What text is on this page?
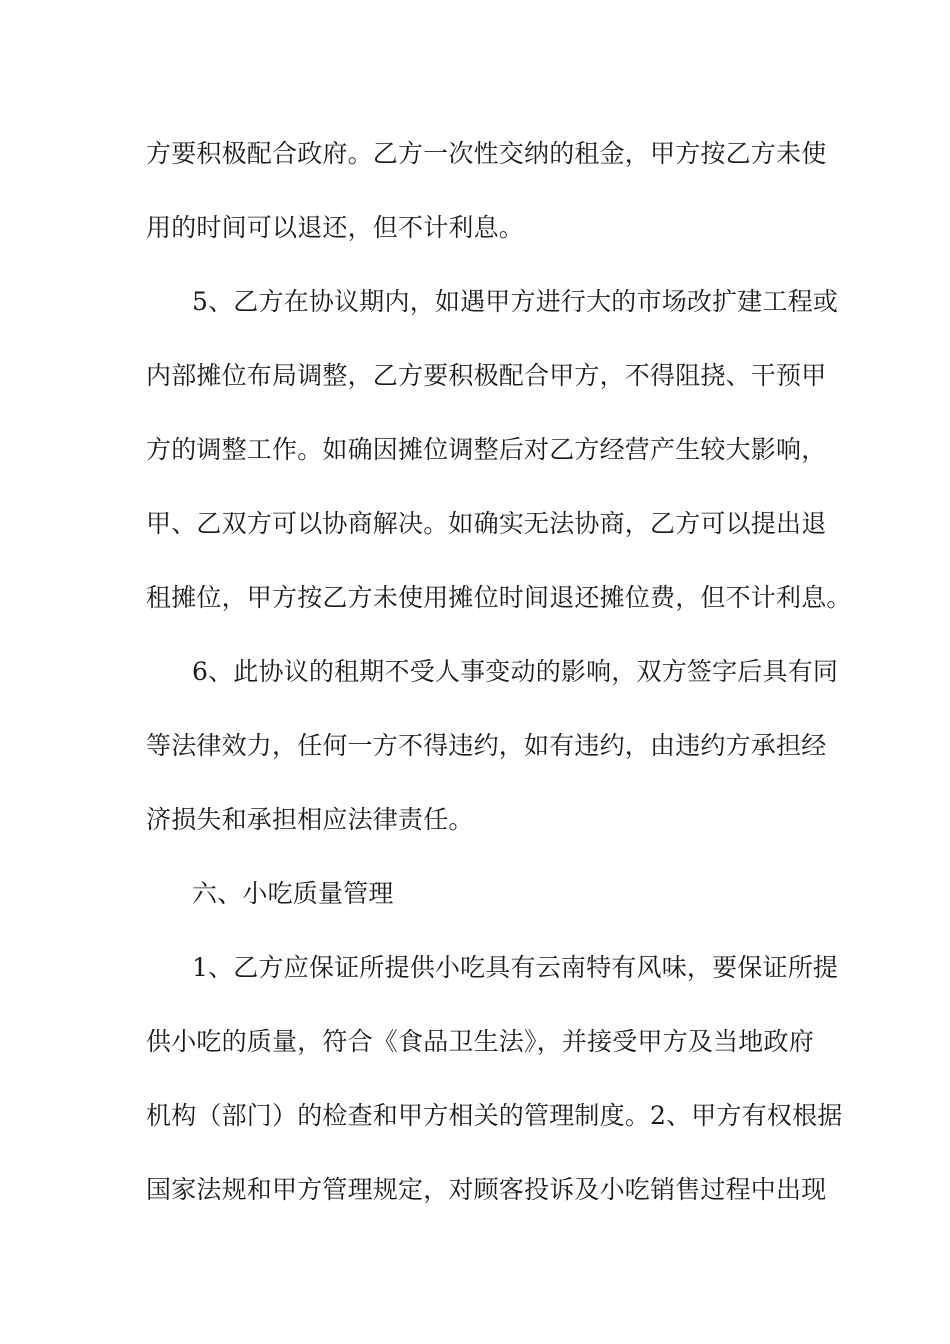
方要积极配合政府。乙方一次性交纳的租金，甲方按乙方未使
用的时间可以退还，但不计利息。
5、乙方在协议期内，如遇甲方进行大的市场改扩建工程或
内部摊位布局调整，乙方要积极配合甲方，不得阻挠、干预甲
方的调整工作。如确因摊位调整后对乙方经营产生较大影响，
甲、乙双方可以协商解决。如确实无法协商，乙方可以提出退
租摊位，甲方按乙方未使用摊位时间退还摊位费，但不计利息。
6、此协议的租期不受人事变动的影响，双方签字后具有同
等法律效力，任何一方不得违约，如有违约，由违约方承担经
济损失和承担相应法律责任。
六、小吃质量管理
1、乙方应保证所提供小吃具有云南特有风味，要保证所提
供小吃的质量，符合《食品卫生法》，并接受甲方及当地政府
机构（部门）的检查和甲方相关的管理制度。2、甲方有权根据
国家法规和甲方管理规定，对顾客投诉及小吃销售过程中出现
